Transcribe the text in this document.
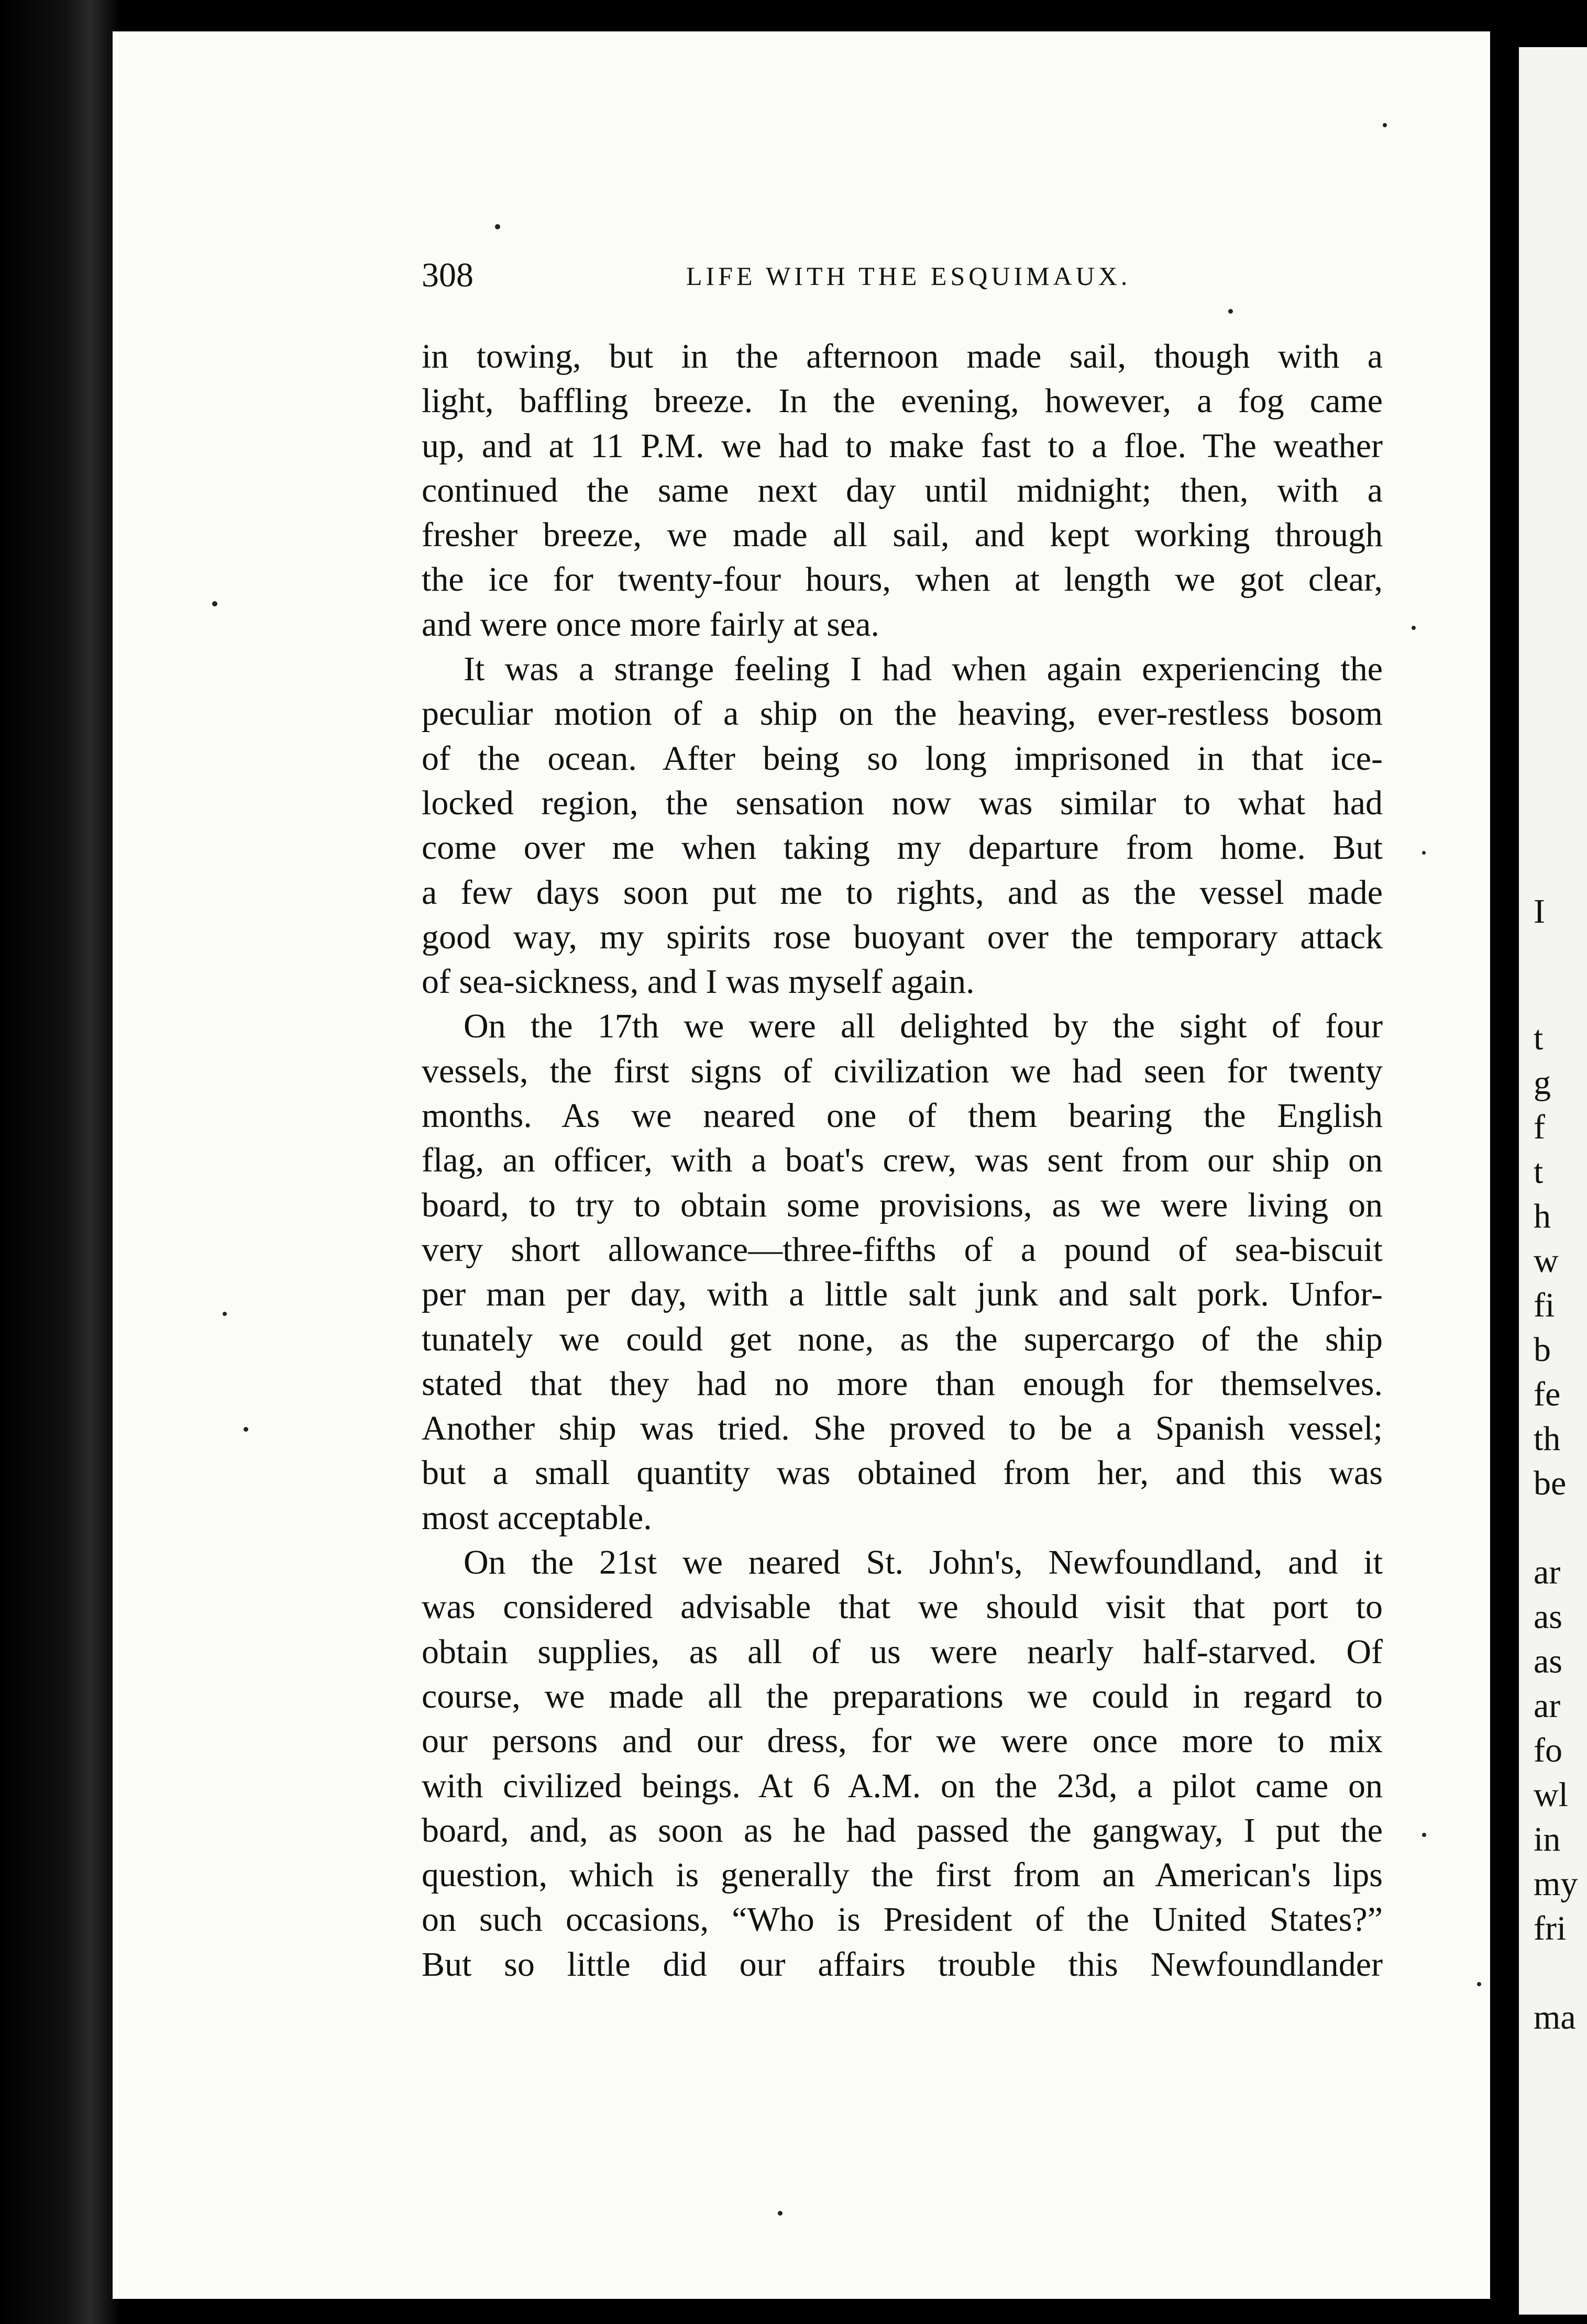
I
t
g
f
t
h
w
fi
b
fe
th
be
ar
as
as
ar
fo
wl
in
my
fri
ma
308	LIFE WITH THE ESQUIMAUX.
in towing, but in the afternoon made sail, though with a
light, baffling breeze. In the evening, however, a fog came
up, and at 11 P.M. we had to make fast to a floe. The weather
continued the same next day until midnight; then, with a
fresher breeze, we made all sail, and kept working through
the ice for twenty-four hours, when at length we got clear,
and were once more fairly at sea.
It was a strange feeling I had when again experiencing the
peculiar motion of a ship on the heaving, ever-restless bosom
of the ocean. After being so long imprisoned in that ice-
locked region, the sensation now was similar to what had
come over me when taking my departure from home. But
a few days soon put me to rights, and as the vessel made
good way, my spirits rose buoyant over the temporary attack
of sea-sickness, and I was myself again.
On the 17th we were all delighted by the sight of four
vessels, the first signs of civilization we had seen for twenty
months. As we neared one of them bearing the English
flag, an officer, with a boat's crew, was sent from our ship on
board, to try to obtain some provisions, as we were living on
very short allowance—three-fifths of a pound of sea-biscuit
per man per day, with a little salt junk and salt pork. Unfor-
tunately we could get none, as the supercargo of the ship
stated that they had no more than enough for themselves.
Another ship was tried. She proved to be a Spanish vessel;
but a small quantity was obtained from her, and this was
most acceptable.
On the 21st we neared St. John's, Newfoundland, and it
was considered advisable that we should visit that port to
obtain supplies, as all of us were nearly half-starved. Of
course, we made all the preparations we could in regard to
our persons and our dress, for we were once more to mix
with civilized beings. At 6 A.M. on the 23d, a pilot came on
board, and, as soon as he had passed the gangway, I put the
question, which is generally the first from an American's lips
on such occasions, “Who is President of the United States?”
But so little did our affairs trouble this Newfoundlander
